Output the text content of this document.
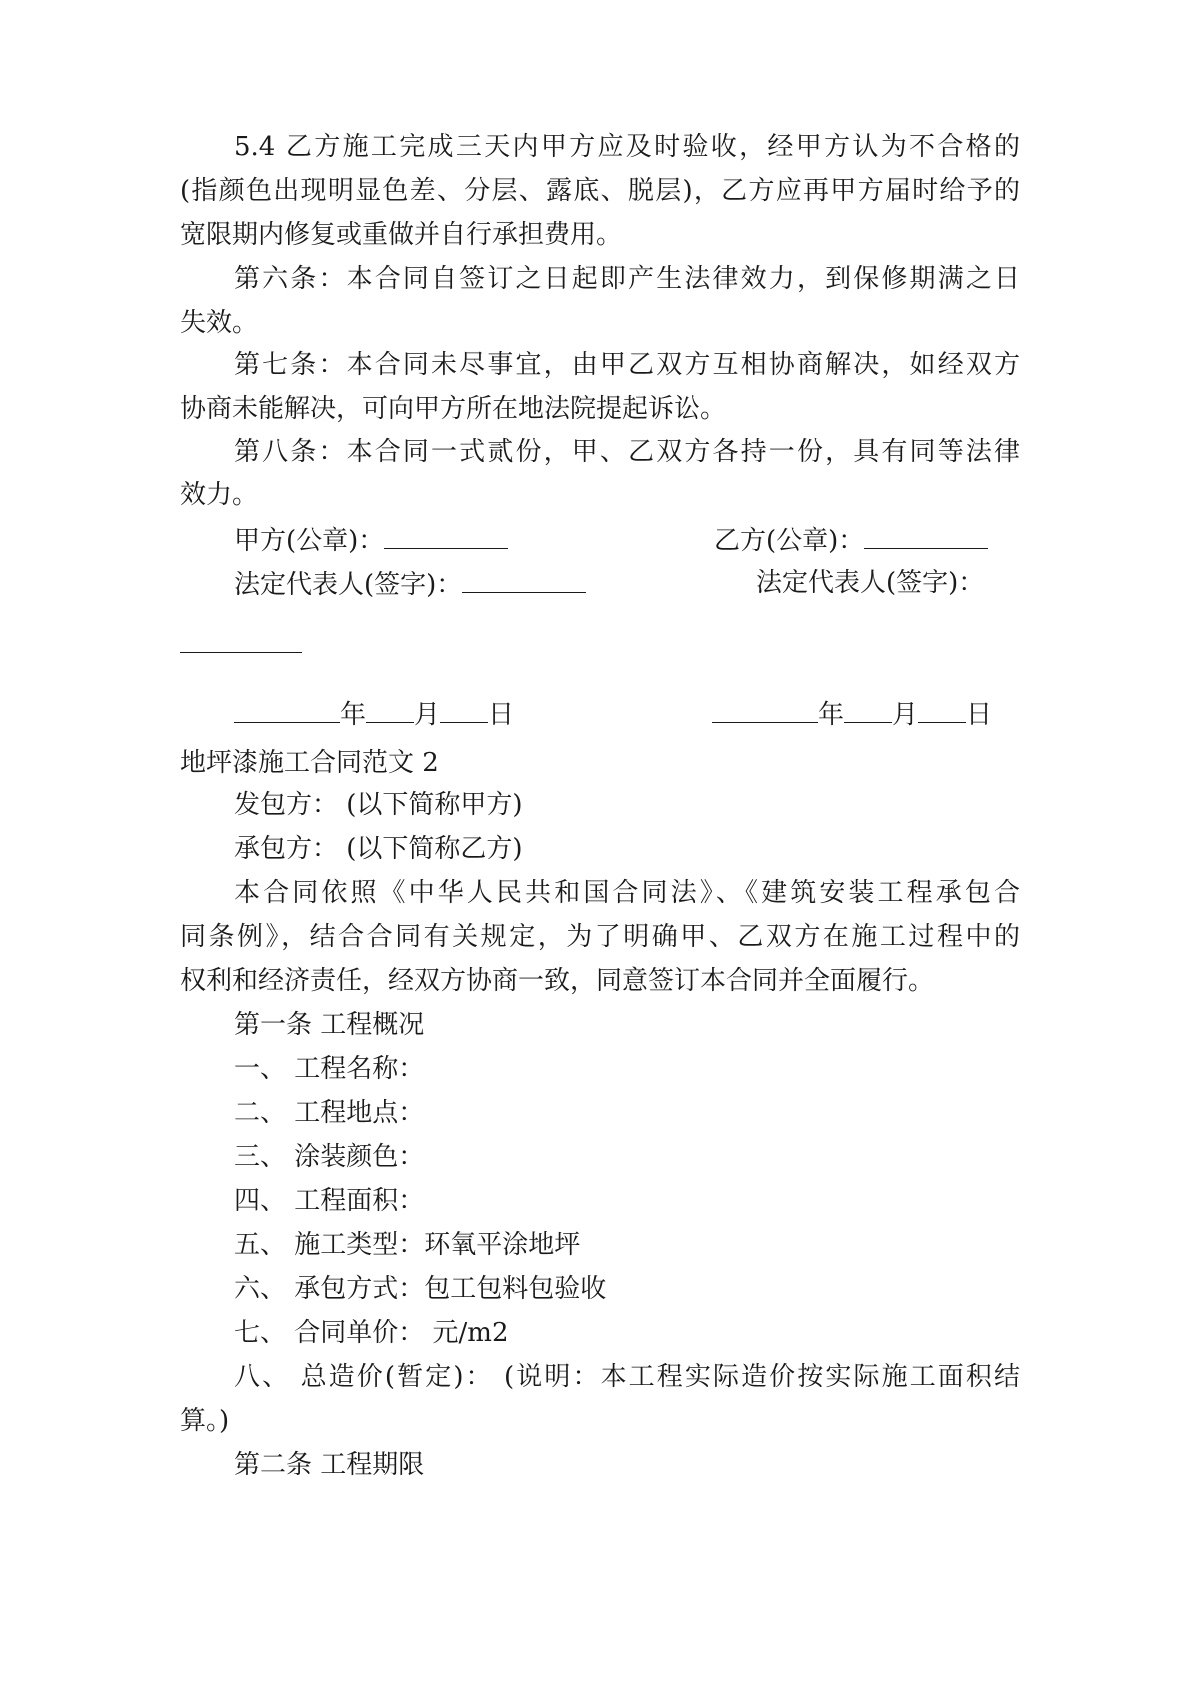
5.4 乙方施工完成三天内甲方应及时验收，经甲方认为不合格的
(指颜色出现明显色差、分层、露底、脱层)，乙方应再甲方届时给予的
宽限期内修复或重做并自行承担费用。
第六条：本合同自签订之日起即产生法律效力，到保修期满之日
失效。
第七条：本合同未尽事宜，由甲乙双方互相协商解决，如经双方
协商未能解决，可向甲方所在地法院提起诉讼。
第八条：本合同一式贰份，甲、乙双方各持一份，具有同等法律
效力。
甲方(公章)：	乙方(公章)：
法定代表人(签字)：	法定代表人(签字)：
年 月 日	年 月 日
地坪漆施工合同范文 2
发包方： (以下简称甲方)
承包方： (以下简称乙方)
本合同依照《中华人民共和国合同法》、《建筑安装工程承包合
同条例》，结合合同有关规定，为了明确甲、乙双方在施工过程中的
权利和经济责任，经双方协商一致，同意签订本合同并全面履行。
第一条 工程概况
一、 工程名称：
二、 工程地点：
三、 涂装颜色：
四、 工程面积：
五、 施工类型：环氧平涂地坪
六、 承包方式：包工包料包验收
七、 合同单价： 元/m2
八、 总造价(暂定)： (说明：本工程实际造价按实际施工面积结
算。)
第二条 工程期限
